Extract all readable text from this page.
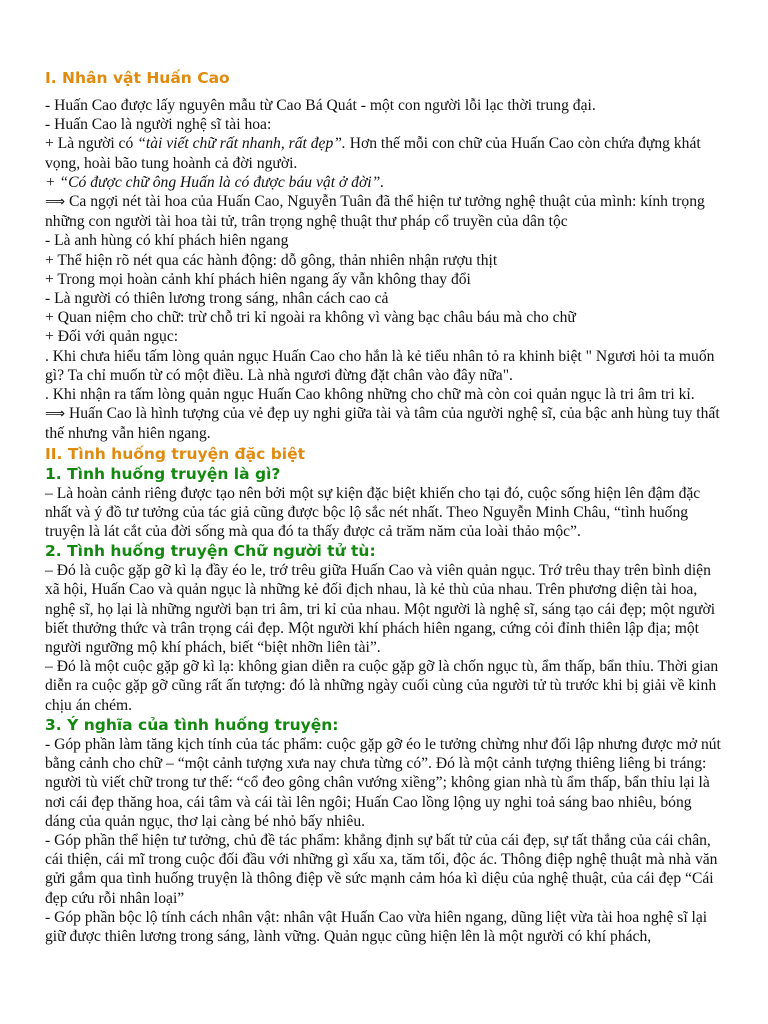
I. Nhân vật Huấn Cao

- Huấn Cao được lấy nguyên mẫu từ Cao Bá Quát - một con người lỗi lạc thời trung đại.

- Huấn Cao là người nghệ sĩ tài hoa:

+ Là người có “tài viết chữ rất nhanh, rất đẹp”. Hơn thế mỗi con chữ của Huấn Cao còn chứa đựng khát vọng, hoài bão tung hoành cả đời người.

+ “Có được chữ ông Huấn là có được báu vật ở đời”.

⟹ Ca ngợi nét tài hoa của Huấn Cao, Nguyễn Tuân đã thể hiện tư tưởng nghệ thuật của mình: kính trọng những con người tài hoa tài tử, trân trọng nghệ thuật thư pháp cổ truyền của dân tộc

- Là anh hùng có khí phách hiên ngang

+ Thể hiện rõ nét qua các hành động: dỗ gông, thản nhiên nhận rượu thịt

+ Trong mọi hoàn cảnh khí phách hiên ngang ấy vẫn không thay đổi

- Là người có thiên lương trong sáng, nhân cách cao cả

+ Quan niệm cho chữ: trừ chỗ tri kỉ ngoài ra không vì vàng bạc châu báu mà cho chữ

+ Đối với quản ngục:

. Khi chưa hiểu tấm lòng quản ngục Huấn Cao cho hắn là kẻ tiểu nhân tỏ ra khinh biệt " Ngươi hỏi ta muốn gì? Ta chỉ muốn từ có một điều. Là nhà ngươi đừng đặt chân vào đây nữa".

. Khi nhận ra tấm lòng quản ngục Huấn Cao không những cho chữ mà còn coi quản ngục là tri âm tri kỉ.

⟹ Huấn Cao là hình tượng của vẻ đẹp uy nghi giữa tài và tâm của người nghệ sĩ, của bậc anh hùng tuy thất thế nhưng vẫn hiên ngang.

II. Tình huống truyện đặc biệt
1. Tình huống truyện là gì?

– Là hoàn cảnh riêng được tạo nên bởi một sự kiện đặc biệt khiến cho tại đó, cuộc sống hiện lên đậm đặc nhất và ý đồ tư tưởng của tác giả cũng được bộc lộ sắc nét nhất. Theo Nguyễn Minh Châu, “tình huống truyện là lát cắt của đời sống mà qua đó ta thấy được cả trăm năm của loài thảo mộc”.

2. Tình huống truyện Chữ người tử tù:

– Đó là cuộc gặp gỡ kì lạ đầy éo le, trớ trêu giữa Huấn Cao và viên quản ngục. Trớ trêu thay trên bình diện xã hội, Huấn Cao và quản ngục là những kẻ đối địch nhau, là kẻ thù của nhau. Trên phương diện tài hoa, nghệ sĩ, họ lại là những người bạn tri âm, tri kỉ của nhau. Một người là nghệ sĩ, sáng tạo cái đẹp; một người biết thưởng thức và trân trọng cái đẹp. Một người khí phách hiên ngang, cứng cỏi đỉnh thiên lập địa; một người ngưỡng mộ khí phách, biết “biệt nhỡn liên tài”.

– Đó là một cuộc gặp gỡ kì lạ: không gian diễn ra cuộc gặp gỡ là chốn ngục tù, ẩm thấp, bẩn thỉu. Thời gian diễn ra cuộc gặp gỡ cũng rất ấn tượng: đó là những ngày cuối cùng của người tử tù trước khi bị giải về kinh chịu án chém.

3. Ý nghĩa của tình huống truyện:

- Góp phần làm tăng kịch tính của tác phẩm: cuộc gặp gỡ éo le tưởng chừng như đối lập nhưng được mở nút bằng cảnh cho chữ – “một cảnh tượng xưa nay chưa từng có”. Đó là một cảnh tượng thiêng liêng bi tráng: người tù viết chữ trong tư thế: “cổ đeo gông chân vướng xiềng”; không gian nhà tù ẩm thấp, bẩn thỉu lại là nơi cái đẹp thăng hoa, cái tâm và cái tài lên ngôi; Huấn Cao lồng lộng uy nghi toả sáng bao nhiêu, bóng dáng của quản ngục, thơ lại càng bé nhỏ bấy nhiêu.

- Góp phần thể hiện tư tưởng, chủ đề tác phẩm: khẳng định sự bất tử của cái đẹp, sự tất thắng của cái chân, cái thiện, cái mĩ trong cuộc đối đầu với những gì xấu xa, tăm tối, độc ác. Thông điệp nghệ thuật mà nhà văn gửi gắm qua tình huống truyện là thông điệp về sức mạnh cảm hóa kì diệu của nghệ thuật, của cái đẹp “Cái đẹp cứu rỗi nhân loại”

- Góp phần bộc lộ tính cách nhân vật: nhân vật Huấn Cao vừa hiên ngang, dũng liệt vừa tài hoa nghệ sĩ lại giữ được thiên lương trong sáng, lành vững. Quản ngục cũng hiện lên là một người có khí phách,
